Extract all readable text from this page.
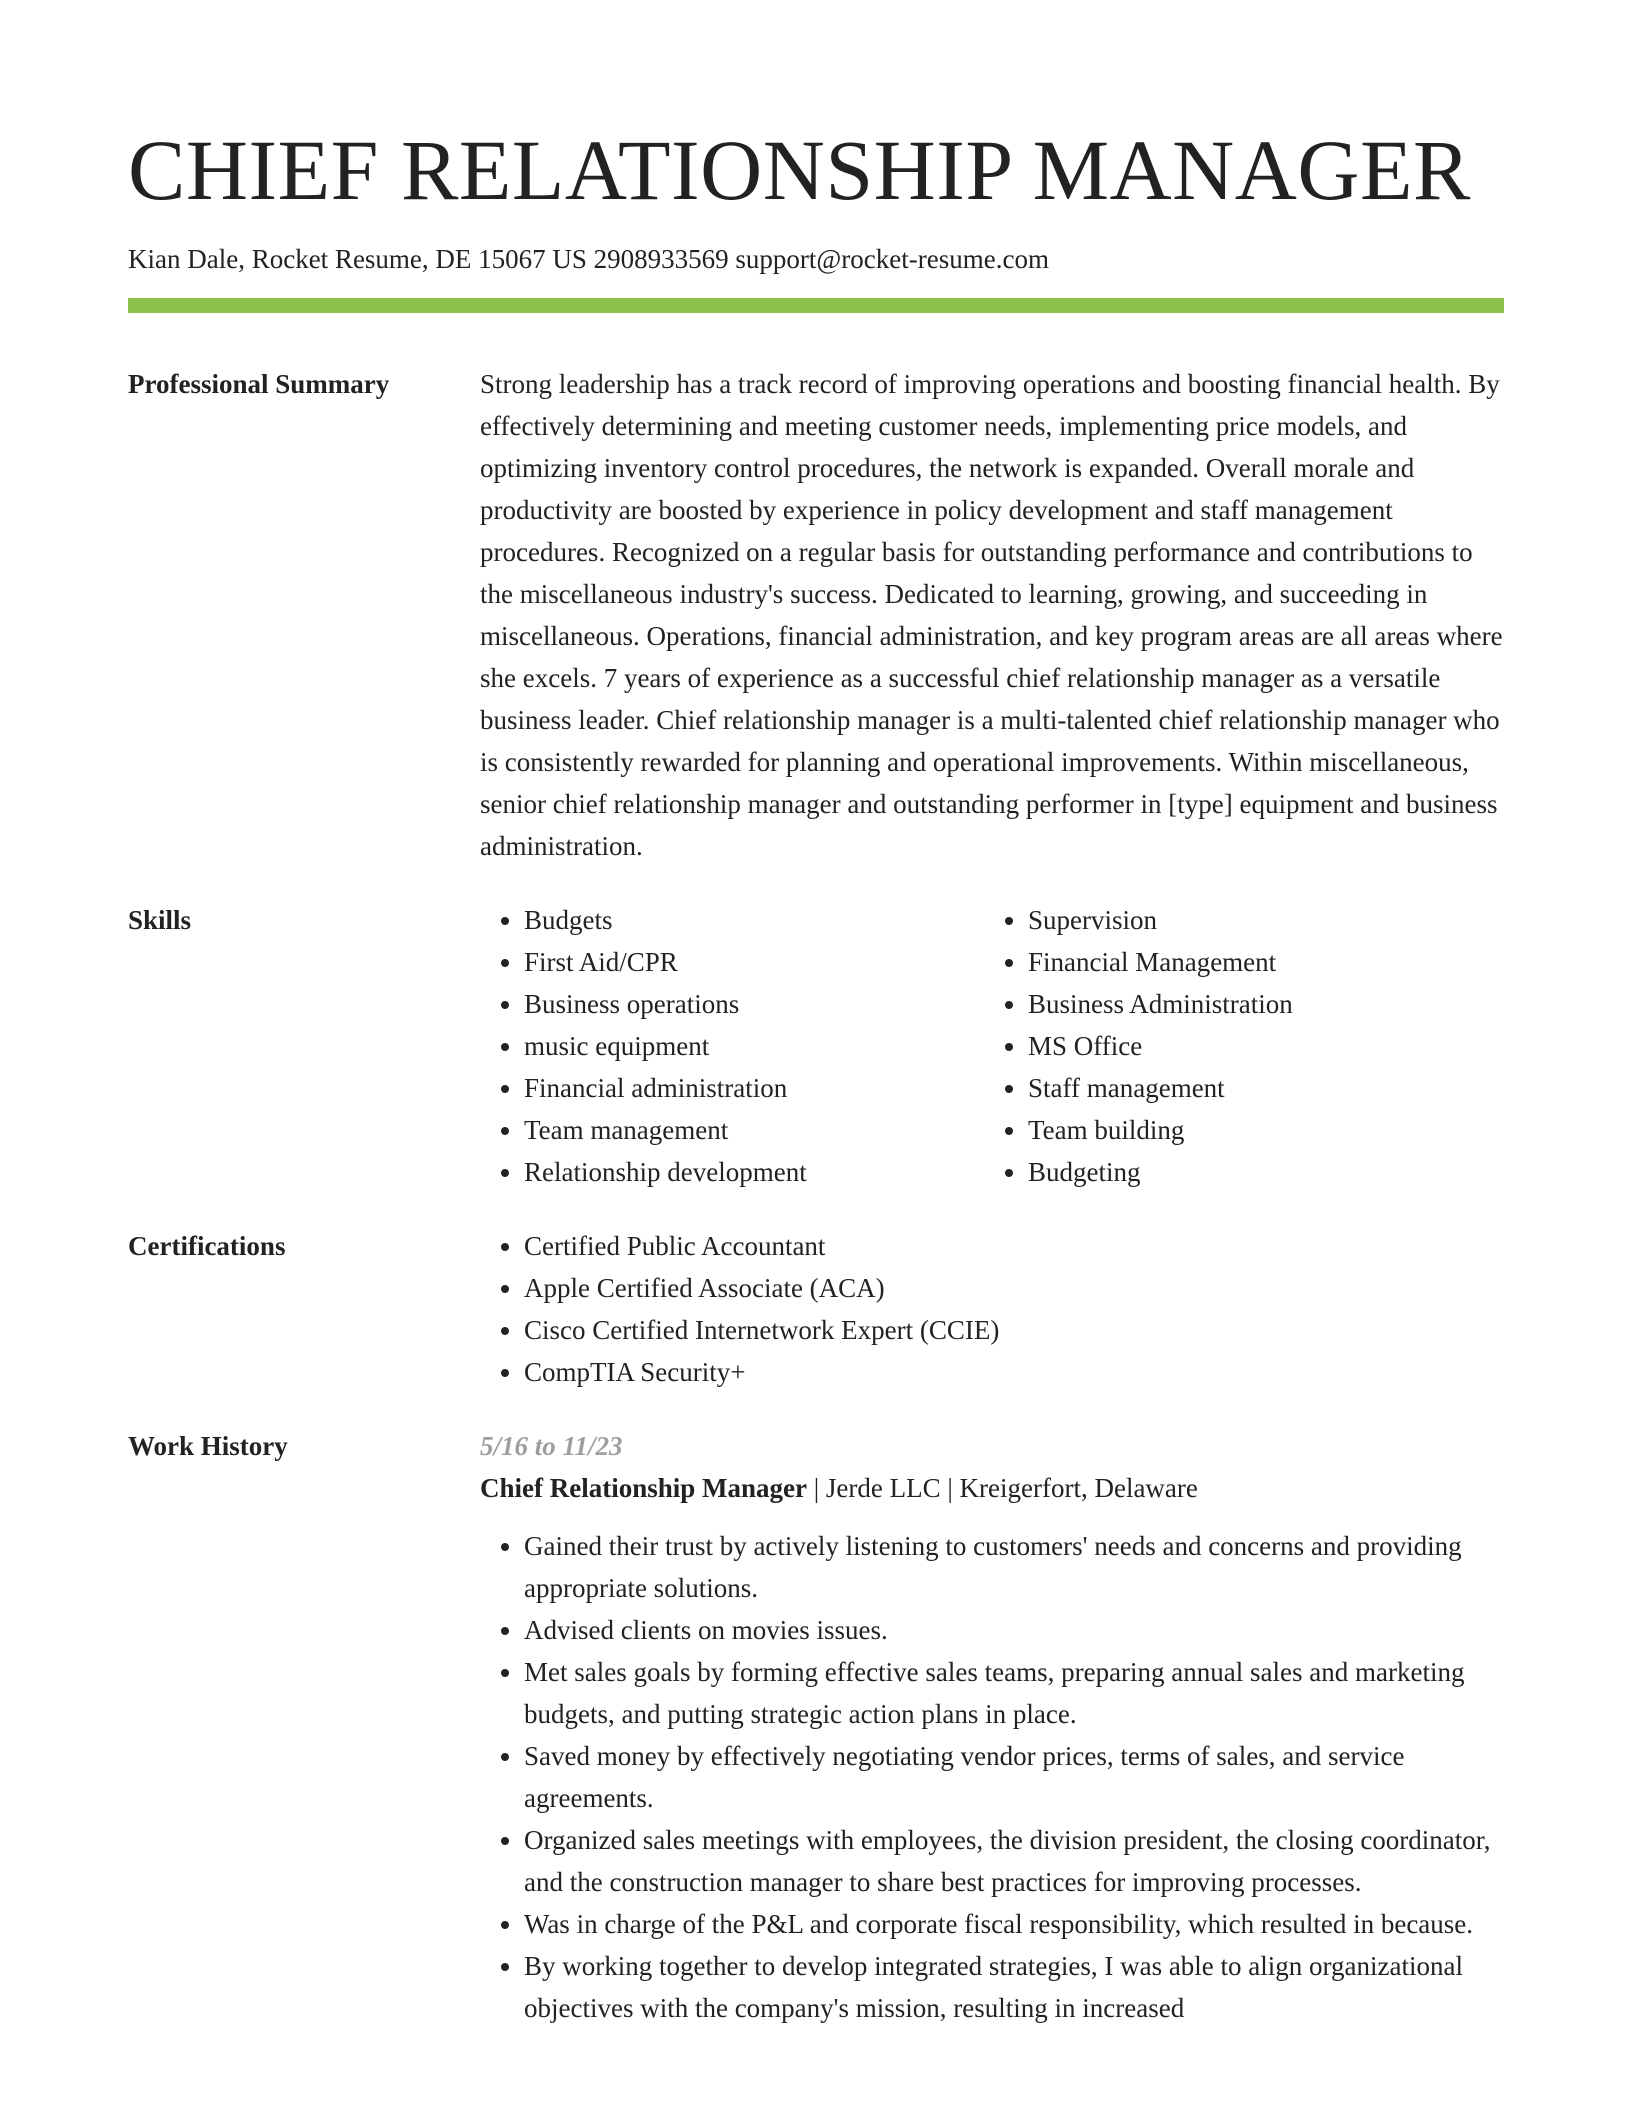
CHIEF RELATIONSHIP MANAGER
Kian Dale, Rocket Resume, DE 15067 US 2908933569 support@rocket-resume.com
Professional Summary	Strong leadership has a track record of improving operations and boosting financial health. By effectively determining and meeting customer needs, implementing price models, and optimizing inventory control procedures, the network is expanded. Overall morale and productivity are boosted by experience in policy development and staff management procedures. Recognized on a regular basis for outstanding performance and contributions to the miscellaneous industry's success. Dedicated to learning, growing, and succeeding in miscellaneous. Operations, financial administration, and key program areas are all areas where she excels. 7 years of experience as a successful chief relationship manager as a versatile business leader. Chief relationship manager is a multi-talented chief relationship manager who is consistently rewarded for planning and operational improvements. Within miscellaneous, senior chief relationship manager and outstanding performer in [type] equipment and business administration.

Skills	• Budgets
• First Aid/CPR
• Business operations
• music equipment
• Financial administration
• Team management
• Relationship development
• Supervision
• Financial Management
• Business Administration
• MS Office
• Staff management
• Team building
• Budgeting
Certifications	• Certified Public Accountant
• Apple Certified Associate (ACA)
• Cisco Certified Internetwork Expert (CCIE)
• CompTIA Security+
Work History	5/16 to 11/23
Chief Relationship Manager | Jerde LLC | Kreigerfort, Delaware
• Gained their trust by actively listening to customers' needs and concerns and providing appropriate solutions.
• Advised clients on movies issues.
• Met sales goals by forming effective sales teams, preparing annual sales and marketing budgets, and putting strategic action plans in place.
• Saved money by effectively negotiating vendor prices, terms of sales, and service agreements.
• Organized sales meetings with employees, the division president, the closing coordinator, and the construction manager to share best practices for improving processes.
• Was in charge of the P&L and corporate fiscal responsibility, which resulted in because.
• By working together to develop integrated strategies, I was able to align organizational objectives with the company's mission, resulting in increased
